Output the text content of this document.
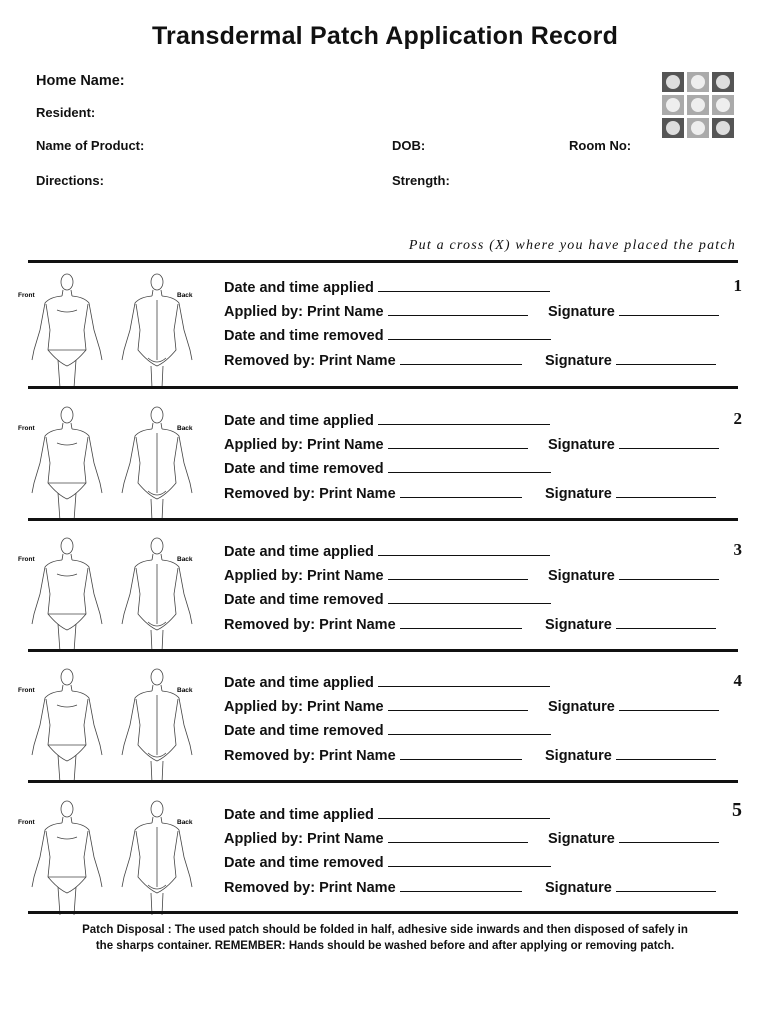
Transdermal Patch Application Record
Home Name:
Resident:
Name of Product:	DOB:	Room No:
Directions:	Strength:
Put a cross (X) where you have placed the patch
Front	Back Date and time applied
Applied by: Print Name	Signature
Date and time removed
Removed by: Print Name	Signature
1
Front	Back Date and time applied
Applied by: Print Name	Signature
Date and time removed
Removed by: Print Name	Signature
2
Front	Back Date and time applied
Applied by: Print Name	Signature
Date and time removed
Removed by: Print Name	Signature
3
Front	Back Date and time applied
Applied by: Print Name	Signature
Date and time removed
Removed by: Print Name	Signature
4
Front	Back Date and time applied
Applied by: Print Name	Signature
Date and time removed
Removed by: Print Name	Signature
5
Patch Disposal : The used patch should be folded in half, adhesive side inwards and then disposed of safely in
the sharps container. REMEMBER: Hands should be washed before and after applying or removing patch.
